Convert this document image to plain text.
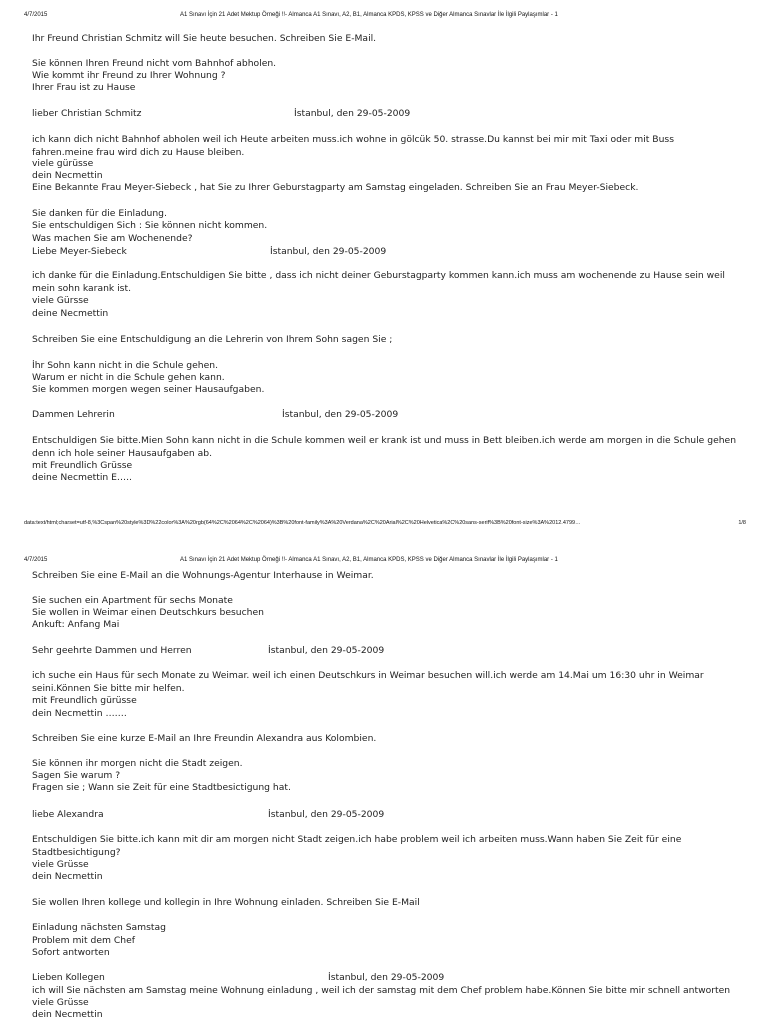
4/7/2015	A1 Sınavı İçin 21 Adet Mektup Örneği !!- Almanca A1 Sınavı, A2, B1, Almanca KPDS, KPSS ve Diğer Almanca Sınavlar İle İlgili Paylaşımlar - 1
Ihr Freund Christian Schmitz will Sie heute besuchen. Schreiben Sie E-Mail.
Sie können Ihren Freund nicht vom Bahnhof abholen.
Wie kommt ihr Freund zu Ihrer Wohnung ?
Ihrer Frau ist zu Hause
lieber Christian Schmitz	İstanbul, den 29-05-2009
ich kann dich nicht Bahnhof abholen weil ich Heute arbeiten muss.ich wohne in gölcük 50. strasse.Du kannst bei mir mit Taxi oder mit Buss fahren.meine frau wird dich zu Hause bleiben.
viele gürüsse
dein Necmettin
Eine Bekannte Frau Meyer-Siebeck , hat Sie zu Ihrer Geburstagparty am Samstag eingeladen. Schreiben Sie an Frau Meyer-Siebeck.
Sie danken für die Einladung.
Sie entschuldigen Sich : Sie können nicht kommen.
Was machen Sie am Wochenende?
Liebe Meyer-Siebeck	İstanbul, den 29-05-2009
ich danke für die Einladung.Entschuldigen Sie bitte , dass ich nicht deiner Geburstagparty kommen kann.ich muss am wochenende zu Hause sein weil mein sohn karank ist.
viele Gürsse
deine Necmettin
Schreiben Sie eine Entschuldigung an die Lehrerin von Ihrem Sohn sagen Sie ;
İhr Sohn kann nicht in die Schule gehen.
Warum er nicht in die Schule gehen kann.
Sie kommen morgen wegen seiner Hausaufgaben.
Dammen Lehrerin	İstanbul, den 29-05-2009
Entschuldigen Sie bitte.Mien Sohn kann nicht in die Schule kommen weil er krank ist und muss in Bett bleiben.ich werde am morgen in die Schule gehen denn ich hole seiner Hausaufgaben ab.
mit Freundlich Grüsse
deine Necmettin E…..
data:text/html;charset=utf-8,%3Cspan%20style%3D%22color%3A%20rgb(64%2C%2064%2C%2064)%3B%20font-family%3A%20Verdana%2C%20Arial%2C%20Helvetica%2C%20sans-serif%3B%20font-size%3A%2012.4799…	1/8
4/7/2015	A1 Sınavı İçin 21 Adet Mektup Örneği !!- Almanca A1 Sınavı, A2, B1, Almanca KPDS, KPSS ve Diğer Almanca Sınavlar İle İlgili Paylaşımlar - 1
Schreiben Sie eine E-Mail an die Wohnungs-Agentur Interhause in Weimar.
Sie suchen ein Apartment für sechs Monate
Sie wollen in Weimar einen Deutschkurs besuchen
Ankuft: Anfang Mai
Sehr geehrte Dammen und Herren	İstanbul, den 29-05-2009
ich suche ein Haus für sech Monate zu Weimar. weil ich einen Deutschkurs in Weimar besuchen will.ich werde am 14.Mai um 16:30 uhr in Weimar seini.Können Sie bitte mir helfen.
mit Freundlich gürüsse
dein Necmettin …….
Schreiben Sie eine kurze E-Mail an Ihre Freundin Alexandra aus Kolombien.
Sie können ihr morgen nicht die Stadt zeigen.
Sagen Sie warum ?
Fragen sie ; Wann sie Zeit für eine Stadtbesictigung hat.
liebe Alexandra	İstanbul, den 29-05-2009
Entschuldigen Sie bitte.ich kann mit dir am morgen nicht Stadt zeigen.ich habe problem weil ich arbeiten muss.Wann haben Sie Zeit für eine Stadtbesichtigung?
viele Grüsse
dein Necmettin
Sie wollen Ihren kollege und kollegin in Ihre Wohnung einladen. Schreiben Sie E-Mail
Einladung nächsten Samstag
Problem mit dem Chef
Sofort antworten
Lieben Kollegen	İstanbul, den 29-05-2009
ich will Sie nächsten am Samstag meine Wohnung einladung , weil ich der samstag mit dem Chef problem habe.Können Sie bitte mir schnell antworten
viele Grüsse
dein Necmettin
